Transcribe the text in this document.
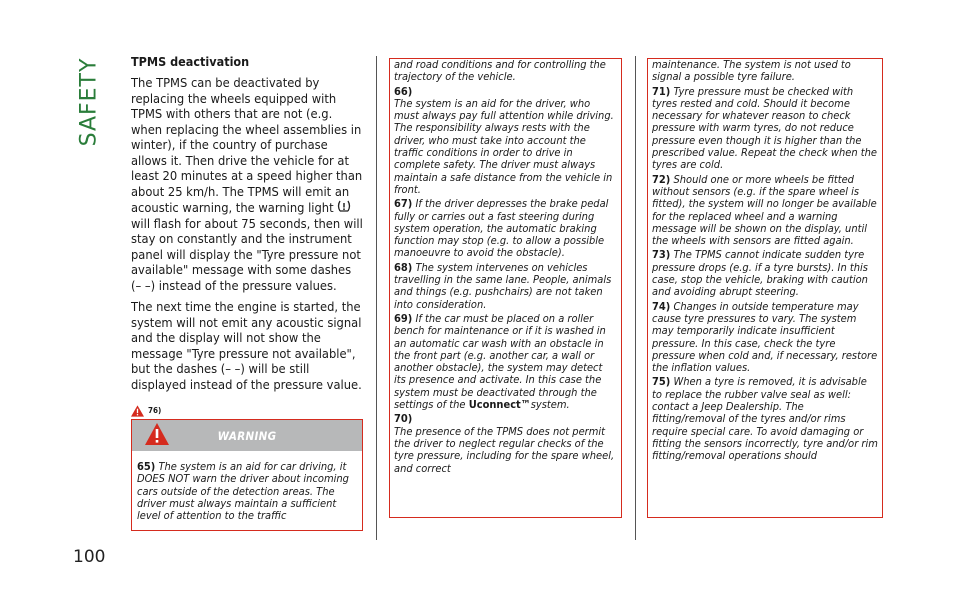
SAFETY TPMS deactivation

The TPMS can be deactivated by replacing the wheels equipped with TPMS with others that are not (e.g. when replacing the wheel assemblies in winter), if the country of purchase allows it. Then drive the vehicle for at least 20 minutes at a speed higher than about 25 km/h. The TPMS will emit an acoustic warning, the warning light  will flash for about 75 seconds, then will stay on constantly and the instrument panel will display the "Tyre pressure not available" message with some dashes (– –) instead of the pressure values.

The next time the engine is started, the system will not emit any acoustic signal and the display will not show the message "Tyre pressure not available", but the dashes (– –) will be still displayed instead of the pressure value.

76)

WARNING

65) The system is an aid for car driving, it DOES NOT warn the driver about incoming cars outside of the detection areas. The driver must always maintain a sufficient level of attention to the traffic

and road conditions and for controlling the trajectory of the vehicle.

66)
The system is an aid for the driver, who must always pay full attention while driving. The responsibility always rests with the driver, who must take into account the traffic conditions in order to drive in complete safety. The driver must always maintain a safe distance from the vehicle in front.

67) If the driver depresses the brake pedal fully or carries out a fast steering during system operation, the automatic braking function may stop (e.g. to allow a possible manoeuvre to avoid the obstacle).

68) The system intervenes on vehicles travelling in the same lane. People, animals and things (e.g. pushchairs) are not taken into consideration.

69) If the car must be placed on a roller bench for maintenance or if it is washed in an automatic car wash with an obstacle in the front part (e.g. another car, a wall or another obstacle), the system may detect its presence and activate. In this case the system must be deactivated through the settings of the Uconnect™system.

70)
The presence of the TPMS does not permit the driver to neglect regular checks of the tyre pressure, including for the spare wheel, and correct

maintenance. The system is not used to signal a possible tyre failure.

71) Tyre pressure must be checked with tyres rested and cold. Should it become necessary for whatever reason to check pressure with warm tyres, do not reduce pressure even though it is higher than the prescribed value. Repeat the check when the tyres are cold.

72) Should one or more wheels be fitted without sensors (e.g. if the spare wheel is fitted), the system will no longer be available for the replaced wheel and a warning message will be shown on the display, until the wheels with sensors are fitted again.

73) The TPMS cannot indicate sudden tyre pressure drops (e.g. if a tyre bursts). In this case, stop the vehicle, braking with caution and avoiding abrupt steering.

74) Changes in outside temperature may cause tyre pressures to vary. The system may temporarily indicate insufficient pressure. In this case, check the tyre pressure when cold and, if necessary, restore the inflation values.

75) When a tyre is removed, it is advisable to replace the rubber valve seal as well: contact a Jeep Dealership. The fitting/removal of the tyres and/or rims require special care. To avoid damaging or fitting the sensors incorrectly, tyre and/or rim fitting/removal operations should

100
